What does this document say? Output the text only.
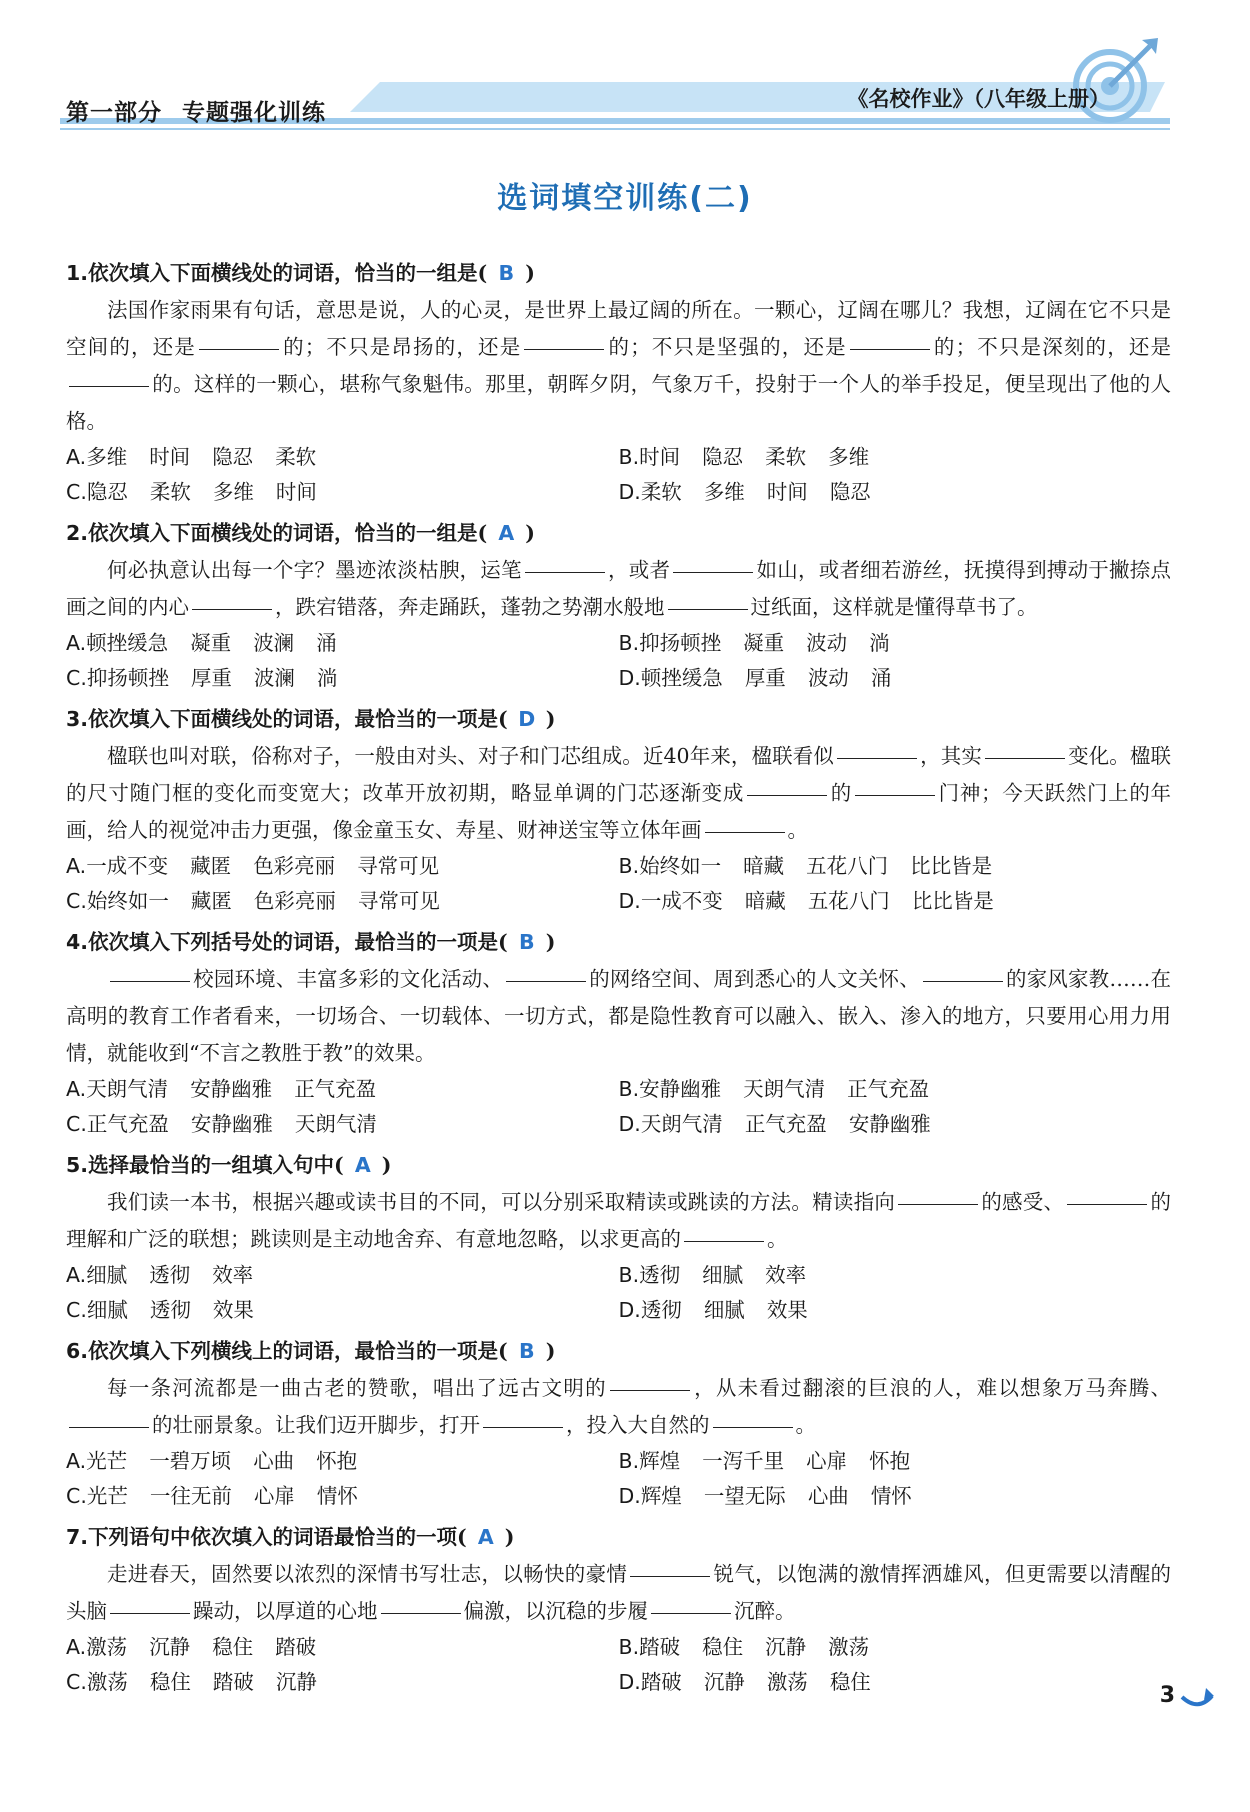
第一部分 专题强化训练
《名校作业》（八年级上册）
选词填空训练(二)
1.依次填入下面横线处的词语，恰当的一组是( B )

法国作家雨果有句话，意思是说，人的心灵，是世界上最辽阔的所在。一颗心，辽阔在哪儿？我想，辽阔在它不只是空间的，还是	的；不只是昂扬的，还是	的；不只是坚强的，还是	的；不只是深刻的，还是的。这样的一颗心，堪称气象魁伟。那里，朝晖夕阴，气象万千，投射于一个人的举手投足，便呈现出了他的人格。

A.多维 时间 隐忍 柔软	B.时间 隐忍 柔软 多维
C.隐忍 柔软 多维 时间	D.柔软 多维 时间 隐忍
2.依次填入下面横线处的词语，恰当的一组是( A )

何必执意认出每一个字？墨迹浓淡枯腴，运笔	，或者	如山，或者细若游丝，抚摸得到搏动于撇捺点画之间的内心	，跌宕错落，奔走踊跃，蓬勃之势潮水般地	过纸面，这样就是懂得草书了。

A.顿挫缓急 凝重 波澜 涌	B.抑扬顿挫 凝重 波动 淌
C.抑扬顿挫 厚重 波澜 淌	D.顿挫缓急 厚重 波动 涌
3.依次填入下面横线处的词语，最恰当的一项是( D )

楹联也叫对联，俗称对子，一般由对头、对子和门芯组成。近40年来，楹联看似	，其实	变化。楹联的尺寸随门框的变化而变宽大；改革开放初期，略显单调的门芯逐渐变成	的	门神；今天跃然门上的年画，给人的视觉冲击力更强，像金童玉女、寿星、财神送宝等立体年画	。

A.一成不变 藏匿 色彩亮丽 寻常可见	B.始终如一 暗藏 五花八门 比比皆是
C.始终如一 藏匿 色彩亮丽 寻常可见	D.一成不变 暗藏 五花八门 比比皆是
4.依次填入下列括号处的词语，最恰当的一项是( B )

校园环境、丰富多彩的文化活动、	的网络空间、周到悉心的人文关怀、	的家风家教……在高明的教育工作者看来，一切场合、一切载体、一切方式，都是隐性教育可以融入、嵌入、渗入的地方，只要用心用力用情，就能收到“不言之教胜于教”的效果。

A.天朗气清 安静幽雅 正气充盈	B.安静幽雅 天朗气清 正气充盈
C.正气充盈 安静幽雅 天朗气清	D.天朗气清 正气充盈 安静幽雅
5.选择最恰当的一组填入句中( A )

我们读一本书，根据兴趣或读书目的不同，可以分别采取精读或跳读的方法。精读指向	的感受、	的理解和广泛的联想；跳读则是主动地舍弃、有意地忽略，以求更高的	。

A.细腻 透彻 效率	B.透彻 细腻 效率
C.细腻 透彻 效果	D.透彻 细腻 效果
6.依次填入下列横线上的词语，最恰当的一项是( B )

每一条河流都是一曲古老的赞歌，唱出了远古文明的	，从未看过翻滚的巨浪的人，难以想象万马奔腾、的壮丽景象。让我们迈开脚步，打开	，投入大自然的	。

A.光芒 一碧万顷 心曲 怀抱	B.辉煌 一泻千里 心扉 怀抱
C.光芒 一往无前 心扉 情怀	D.辉煌 一望无际 心曲 情怀
7.下列语句中依次填入的词语最恰当的一项( A )

走进春天，固然要以浓烈的深情书写壮志，以畅快的豪情	锐气，以饱满的激情挥洒雄风，但更需要以清醒的头脑	躁动，以厚道的心地	偏激，以沉稳的步履	沉醉。

A.激荡 沉静 稳住 踏破	B.踏破 稳住 沉静 激荡
C.激荡 稳住 踏破 沉静	D.踏破 沉静 激荡 稳住
3
